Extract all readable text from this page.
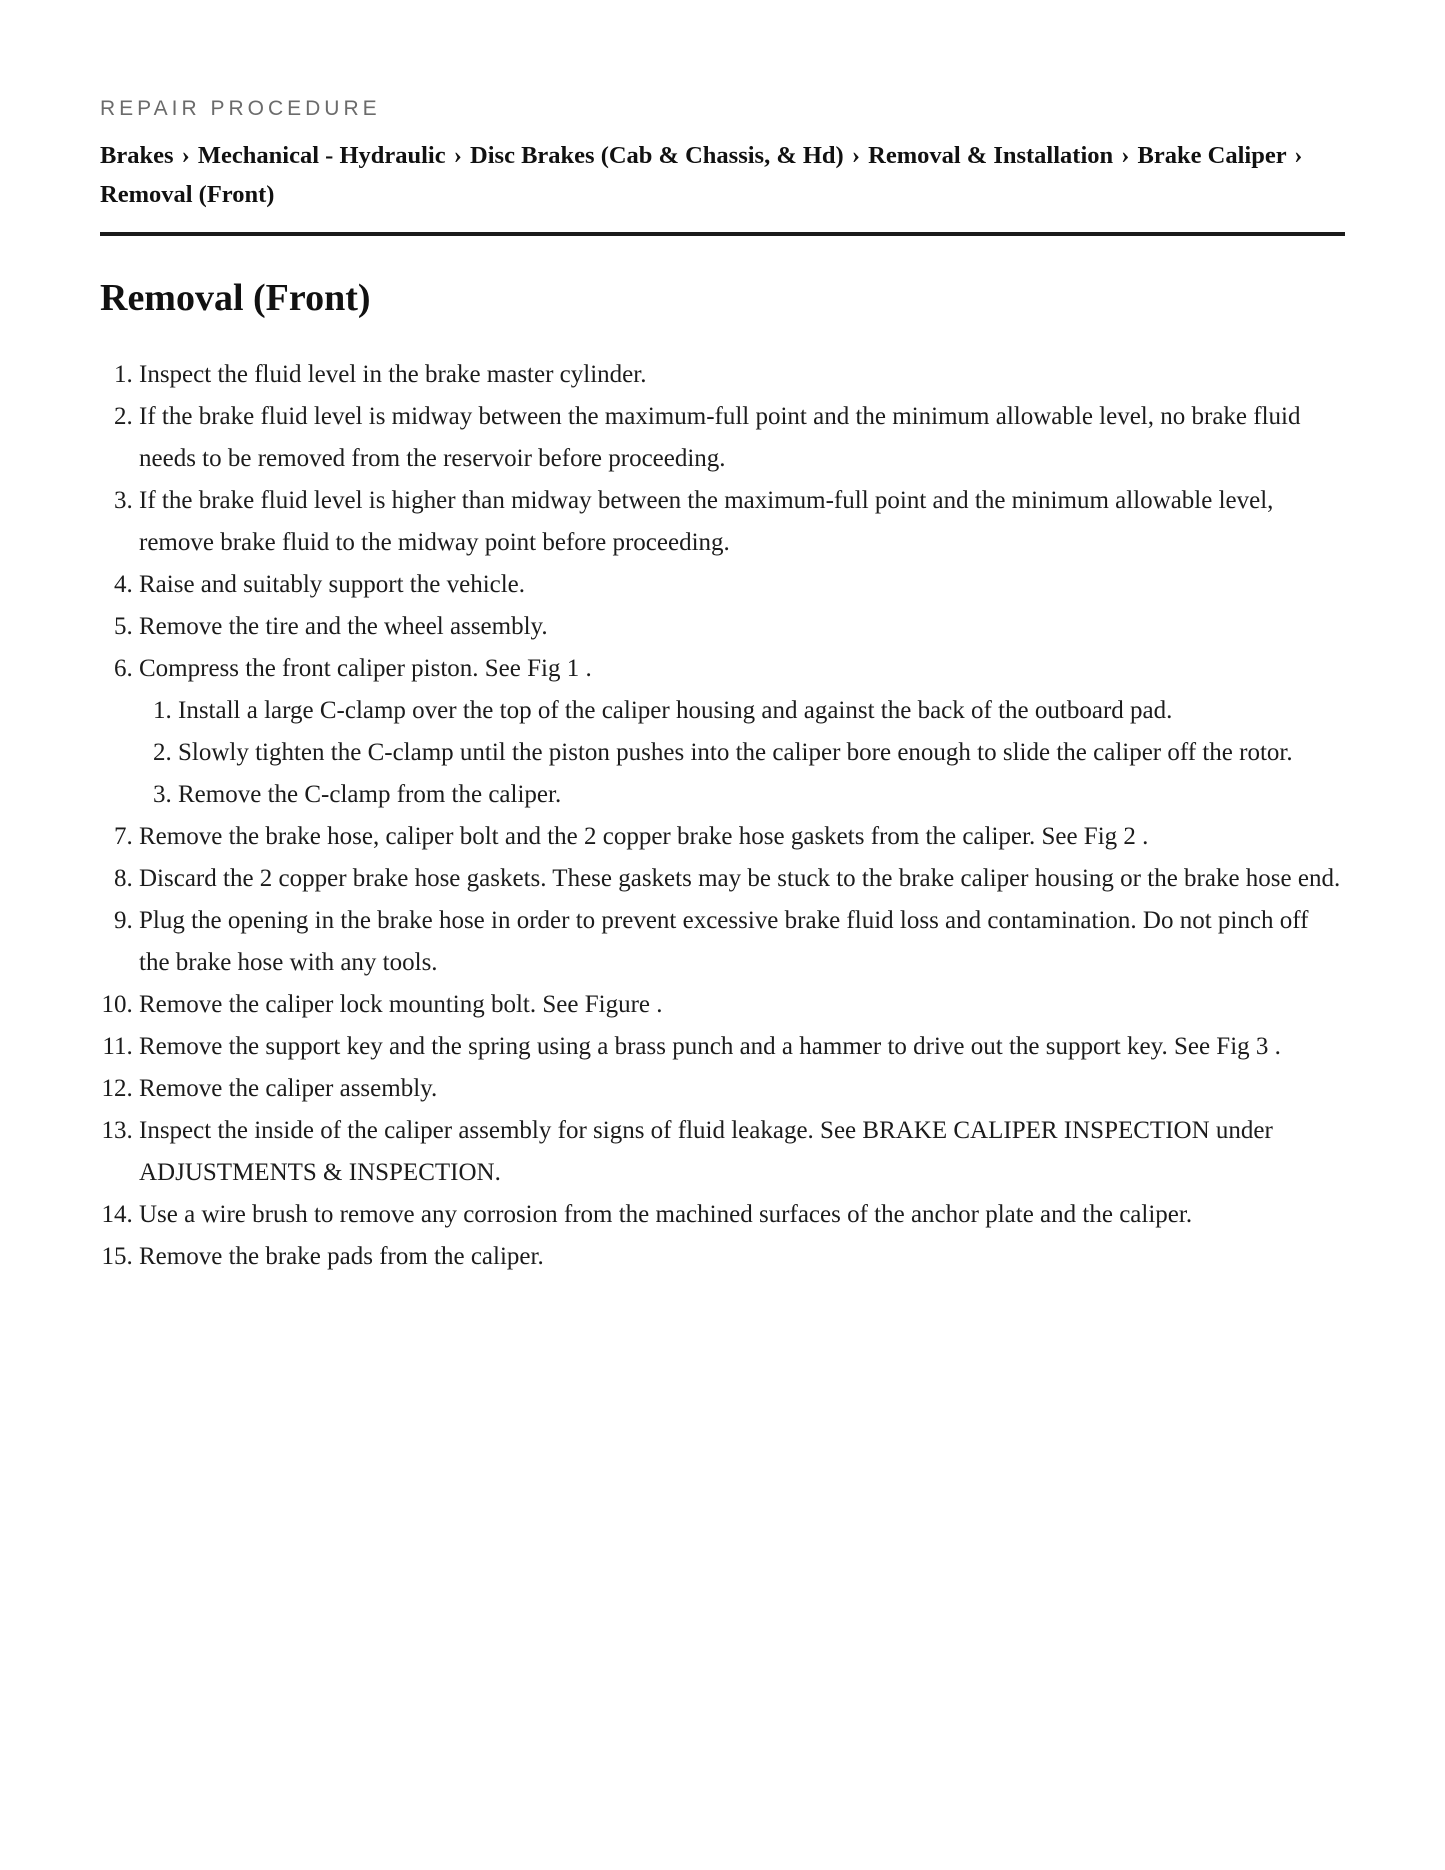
REPAIR PROCEDURE
Brakes › Mechanical - Hydraulic › Disc Brakes (Cab & Chassis, & Hd) › Removal & Installation › Brake Caliper › Removal (Front)
Removal (Front)
1. Inspect the fluid level in the brake master cylinder.
2. If the brake fluid level is midway between the maximum-full point and the minimum allowable level, no brake fluid needs to be removed from the reservoir before proceeding.
3. If the brake fluid level is higher than midway between the maximum-full point and the minimum allowable level, remove brake fluid to the midway point before proceeding.
4. Raise and suitably support the vehicle.
5. Remove the tire and the wheel assembly.
6. Compress the front caliper piston. See Fig 1 .
1. Install a large C-clamp over the top of the caliper housing and against the back of the outboard pad.
2. Slowly tighten the C-clamp until the piston pushes into the caliper bore enough to slide the caliper off the rotor.
3. Remove the C-clamp from the caliper.
7. Remove the brake hose, caliper bolt and the 2 copper brake hose gaskets from the caliper. See Fig 2 .
8. Discard the 2 copper brake hose gaskets. These gaskets may be stuck to the brake caliper housing or the brake hose end.
9. Plug the opening in the brake hose in order to prevent excessive brake fluid loss and contamination. Do not pinch off the brake hose with any tools.
10. Remove the caliper lock mounting bolt. See Figure .
11. Remove the support key and the spring using a brass punch and a hammer to drive out the support key. See Fig 3 .
12. Remove the caliper assembly.
13. Inspect the inside of the caliper assembly for signs of fluid leakage. See BRAKE CALIPER INSPECTION under ADJUSTMENTS & INSPECTION.
14. Use a wire brush to remove any corrosion from the machined surfaces of the anchor plate and the caliper.
15. Remove the brake pads from the caliper.
